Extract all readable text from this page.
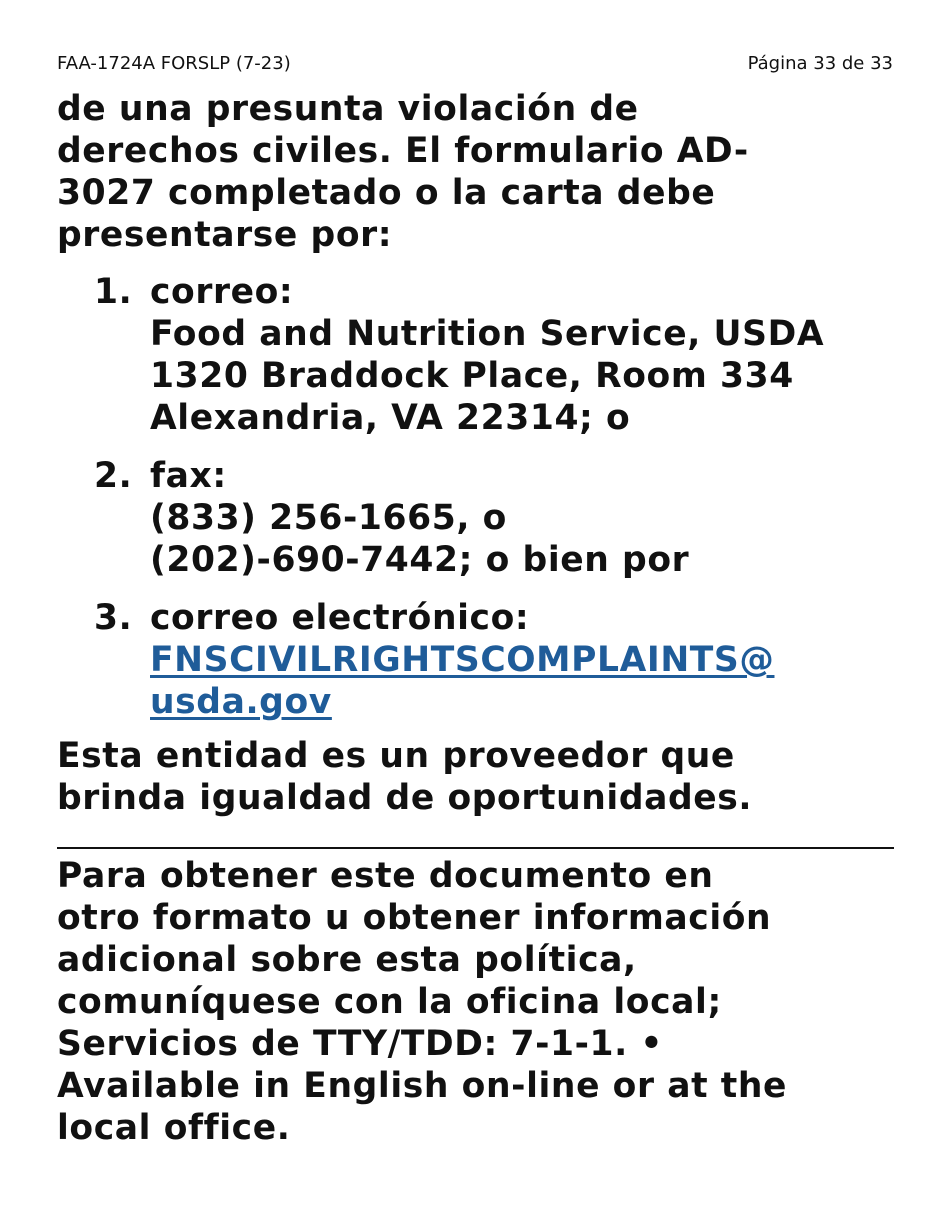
FAA-1724A FORSLP (7-23)	Página 33 de 33

de una presunta violación de
derechos civiles. El formulario AD-
3027 completado o la carta debe
presentarse por:

1. correo:
Food and Nutrition Service, USDA
1320 Braddock Place, Room 334
Alexandria, VA 22314; o
2. fax:
(833) 256-1665, o
(202)-690-7442; o bien por
3. correo electrónico:
FNSCIVILRIGHTSCOMPLAINTS@
usda.gov

Esta entidad es un proveedor que
brinda igualdad de oportunidades.

Para obtener este documento en
otro formato u obtener información
adicional sobre esta política,
comuníquese con la oficina local;
Servicios de TTY/TDD: 7-1-1. •
Available in English on-line or at the
local office.
